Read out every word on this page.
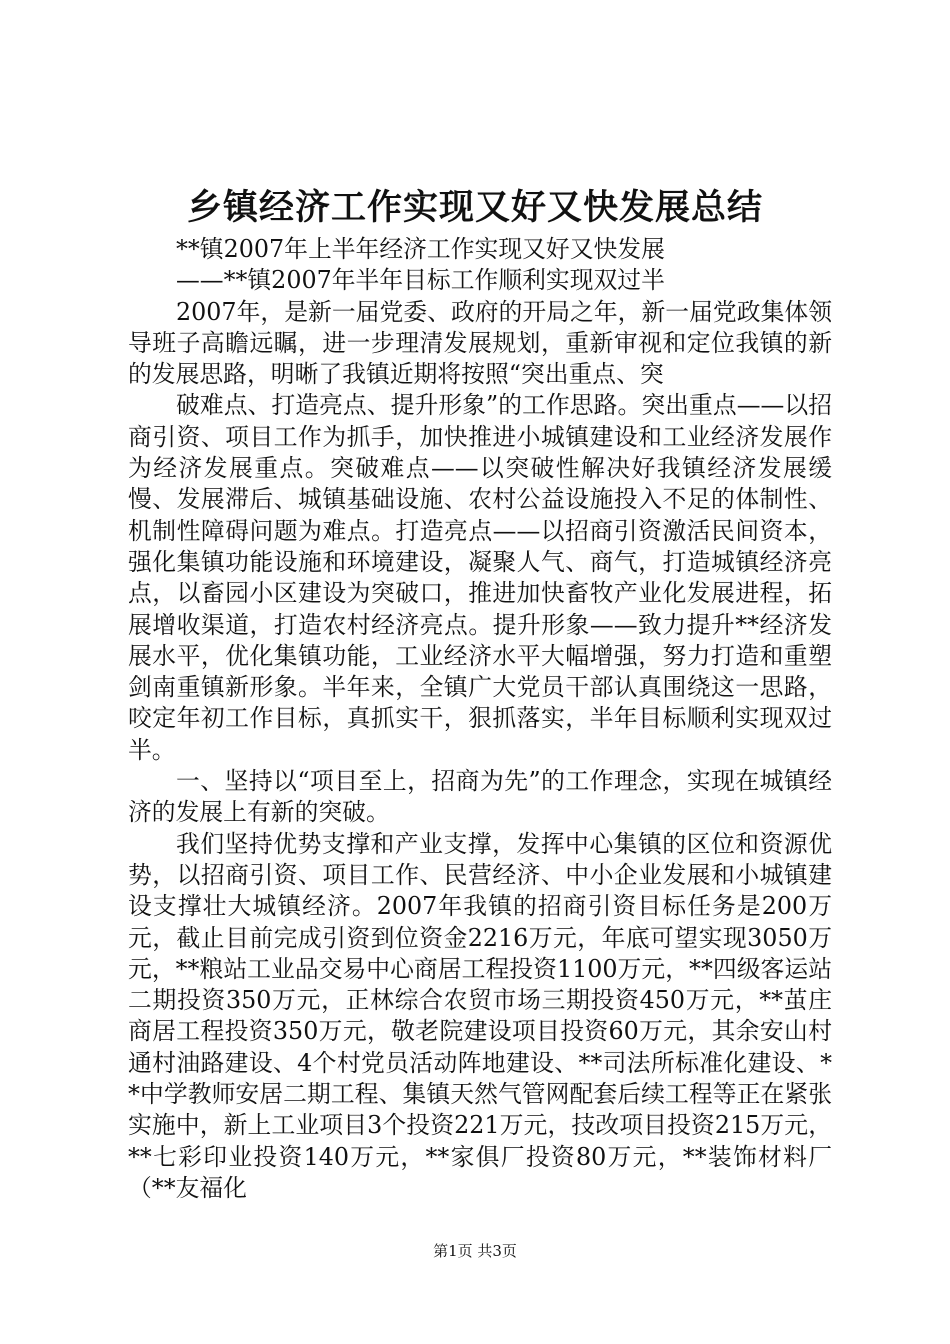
乡镇经济工作实现又好又快发展总结

**镇2007年上半年经济工作实现又好又快发展

——**镇2007年半年目标工作顺利实现双过半

2007年，是新一届党委、政府的开局之年，新一届党政集体领导班子高瞻远瞩，进一步理清发展规划，重新审视和定位我镇的新的发展思路，明晰了我镇近期将按照“突出重点、突

破难点、打造亮点、提升形象”的工作思路。突出重点——以招商引资、项目工作为抓手，加快推进小城镇建设和工业经济发展作为经济发展重点。突破难点——以突破性解决好我镇经济发展缓慢、发展滞后、城镇基础设施、农村公益设施投入不足的体制性、机制性障碍问题为难点。打造亮点——以招商引资激活民间资本，强化集镇功能设施和环境建设，凝聚人气、商气，打造城镇经济亮点，以畜园小区建设为突破口，推进加快畜牧产业化发展进程，拓展增收渠道，打造农村经济亮点。提升形象——致力提升**经济发展水平，优化集镇功能，工业经济水平大幅增强，努力打造和重塑剑南重镇新形象。半年来，全镇广大党员干部认真围绕这一思路，咬定年初工作目标，真抓实干，狠抓落实，半年目标顺利实现双过半。

一、坚持以“项目至上，招商为先”的工作理念，实现在城镇经济的发展上有新的突破。

我们坚持优势支撑和产业支撑，发挥中心集镇的区位和资源优势，以招商引资、项目工作、民营经济、中小企业发展和小城镇建设支撑壮大城镇经济。2007年我镇的招商引资目标任务是200万元，截止目前完成引资到位资金2216万元，年底可望实现3050万元，**粮站工业品交易中心商居工程投资1100万元，**四级客运站二期投资350万元，正林综合农贸市场三期投资450万元，**茧庄商居工程投资350万元，敬老院建设项目投资60万元，其余安山村通村油路建设、4个村党员活动阵地建设、**司法所标准化建设、**中学教师安居二期工程、集镇天然气管网配套后续工程等正在紧张实施中，新上工业项目3个投资221万元，技改项目投资215万元，**七彩印业投资140万元，**家俱厂投资80万元，**装饰材料厂（**友福化

第1页 共3页
